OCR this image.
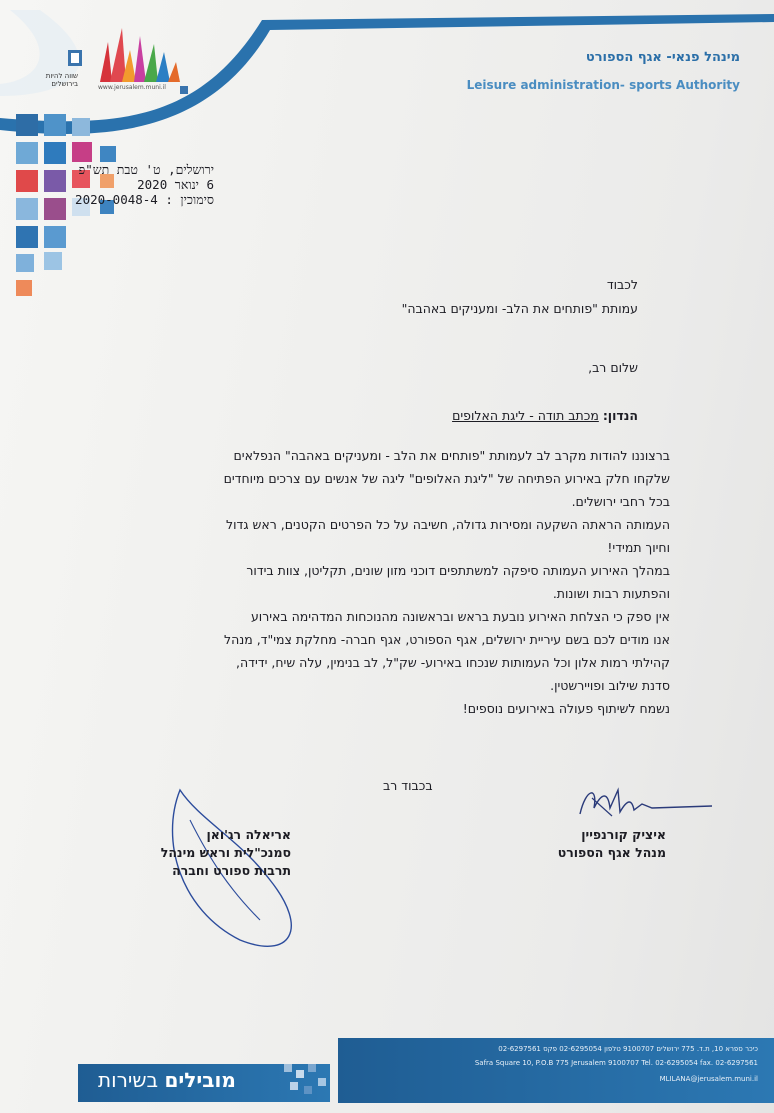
שווה להיות בירושלים	www.jerusalem.muni.il
מינהל פנאי- אגף הספורט
Leisure administration- sports Authority
ירושלים, ט' טבת תש"פ
6 ינואר 2020
סימוכין : 2020-0048-4
לכבוד
עמותת "פותחים את הלב- ומעניקים באהבה"
שלום רב,
הנדון: מכתב תודה - ליגת האלופים

ברצוננו להודות מקרב לב לעמותת "פותחים את הלב - ומעניקים באהבה" הנפלאים

שלקחו חלק באירוע הפתיחה של "ליגת האלופים" ליגה של אנשים עם צרכים מיוחדים

בכל רחבי ירושלים.

העמותה הראתה השקעה ומסירות גדולה, חשיבה על כל הפרטים הקטנים, ראש גדול

וחיוך תמידי!

במהלך האירוע העמותה סיפקה למשתתפים דוכני מזון שונים, תקליטן, צוות בידור

והפתעות רבות ושונות.

אין ספק כי הצלחת האירוע נובעת בראש ובראשונה מהנוכחות המדהימה באירוע

אנו מודים לכם בשם עיריית ירושלים, אגף הספורט, אגף חברה- מחלקת צמי"ד, מנהל

קהילתי רמות אלון וכל העמותות שנכחו באירוע- שק"ל, לב בנימין, עלה שיח, ידידה,

סדנת שילוב ופויירשטין.

נשמח לשיתוף פעולה באירועים נוספים!

בכבוד רב
איציק קורנפיין
מנהל אגף הספורט
אריאלה רג'ואן
סמנכ"לית וראש מינהל
תרבות ספורט וחברה
כיכר ספרא 10, ת.ד. 775 ירושלים 9100707 טלפון 02-6295054 פקס 02-6297561
Safra Square 10, P.O.B 775 Jerusalem 9100707 Tel. 02-6295054 fax. 02-6297561
MLILANA@jerusalem.muni.il
מובילים בשירות
